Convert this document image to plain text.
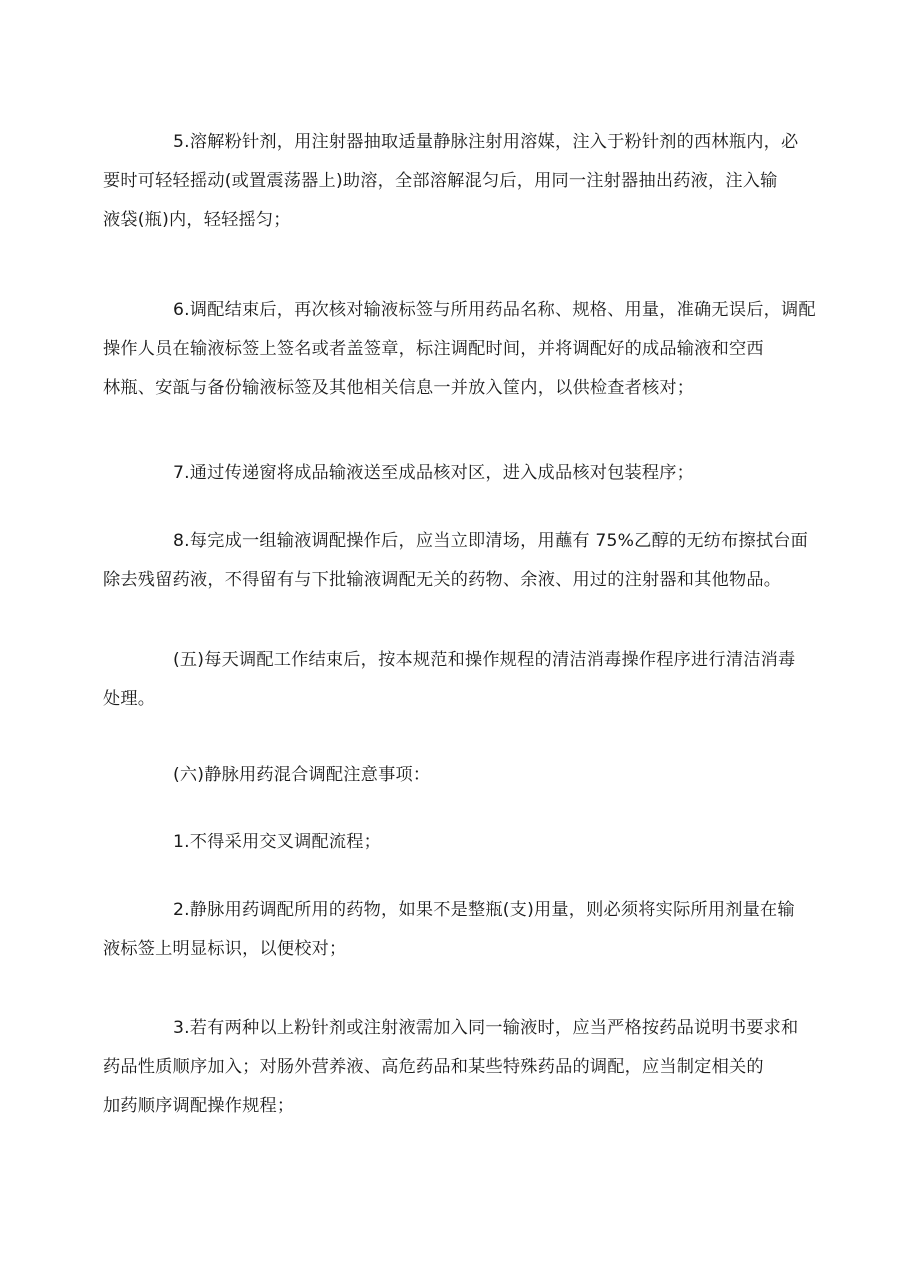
5.溶解粉针剂，用注射器抽取适量静脉注射用溶媒，注入于粉针剂的西林瓶内，必
要时可轻轻摇动(或置震荡器上)助溶，全部溶解混匀后，用同一注射器抽出药液，注入输
液袋(瓶)内，轻轻摇匀；

6.调配结束后，再次核对输液标签与所用药品名称、规格、用量，准确无误后，调配
操作人员在输液标签上签名或者盖签章，标注调配时间，并将调配好的成品输液和空西
林瓶、安瓿与备份输液标签及其他相关信息一并放入筐内，以供检查者核对；

7.通过传递窗将成品输液送至成品核对区，进入成品核对包装程序；

8.每完成一组输液调配操作后，应当立即清场，用蘸有 75%乙醇的无纺布擦拭台面
除去残留药液，不得留有与下批输液调配无关的药物、余液、用过的注射器和其他物品。

(五)每天调配工作结束后，按本规范和操作规程的清洁消毒操作程序进行清洁消毒
处理。

(六)静脉用药混合调配注意事项：

1.不得采用交叉调配流程；

2.静脉用药调配所用的药物，如果不是整瓶(支)用量，则必须将实际所用剂量在输
液标签上明显标识，以便校对；

3.若有两种以上粉针剂或注射液需加入同一输液时，应当严格按药品说明书要求和
药品性质顺序加入；对肠外营养液、高危药品和某些特殊药品的调配，应当制定相关的
加药顺序调配操作规程；
